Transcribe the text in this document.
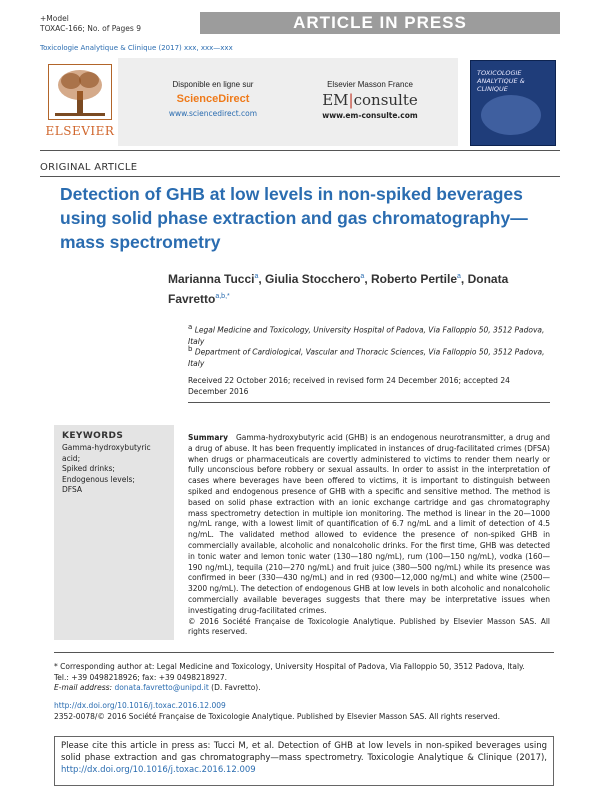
+Model
TOXAC-166; No. of Pages 9	ARTICLE IN PRESS
Toxicologie Analytique & Clinique (2017) xxx, xxx—xxx
ELSEVIER
Disponible en ligne sur
ScienceDirect
www.sciencedirect.com
Elsevier Masson France
EM|consulte
www.em-consulte.com
TOXICOLOGIE ANALYTIQUE & CLINIQUE
ORIGINAL ARTICLE
Detection of GHB at low levels in non-spiked beverages using solid phase extraction and gas chromatography—mass spectrometry
Marianna Tucci$^a$, Giulia Stocchero$^a$, Roberto Pertile$^a$, Donata Favretto$^{a,b,*}$
$^a$ Legal Medicine and Toxicology, University Hospital of Padova, Via Falloppio 50, 3512 Padova, Italy
$^b$ Department of Cardiological, Vascular and Thoracic Sciences, Via Falloppio 50, 3512 Padova, Italy
Received 22 October 2016; received in revised form 24 December 2016; accepted 24 December 2016
KEYWORDS
Gamma-hydroxybutyric acid;
Spiked drinks;
Endogenous levels;
DFSA

Summary Gamma-hydroxybutyric acid (GHB) is an endogenous neurotransmitter, a drug and a drug of abuse. It has been frequently implicated in instances of drug-facilitated crimes (DFSA) when drugs or pharmaceuticals are covertly administered to victims to render them nearly or fully unconscious before robbery or sexual assaults. In order to assist in the interpretation of cases where beverages have been offered to victims, it is important to distinguish between spiked and endogenous presence of GHB with a specific and sensitive method. The method is based on solid phase extraction with an ionic exchange cartridge and gas chromatography mass spectrometry detection in multiple ion monitoring. The method is linear in the 20—1000 ng/mL range, with a lowest limit of quantification of 6.7 ng/mL and a limit of detection of 4.5 ng/mL. The validated method allowed to evidence the presence of non-spiked GHB in commercially available, alcoholic and nonalcoholic drinks. For the first time, GHB was detected in tonic water and lemon tonic water (130—180 ng/mL), rum (100—150 ng/mL), vodka (160—190 ng/mL), tequila (210—270 ng/mL) and fruit juice (380—500 ng/mL) while its presence was confirmed in beer (330—430 ng/mL) and in red (9300—12,000 ng/mL) and white wine (2500—3200 ng/mL). The detection of endogenous GHB at low levels in both alcoholic and nonalcoholic commercially available beverages suggests that there may be interpretative issues when investigating drug-facilitated crimes.

© 2016 Société Française de Toxicologie Analytique. Published by Elsevier Masson SAS. All rights reserved.

* Corresponding author at: Legal Medicine and Toxicology, University Hospital of Padova, Via Falloppio 50, 3512 Padova, Italy.
Tel.: +39 0498218926; fax: +39 0498218927.
E-mail address: donata.favretto@unipd.it (D. Favretto).
http://dx.doi.org/10.1016/j.toxac.2016.12.009
2352-0078/© 2016 Société Française de Toxicologie Analytique. Published by Elsevier Masson SAS. All rights reserved.
Please cite this article in press as: Tucci M, et al. Detection of GHB at low levels in non-spiked beverages using solid phase extraction and gas chromatography—mass spectrometry. Toxicologie Analytique & Clinique (2017), http://dx.doi.org/10.1016/j.toxac.2016.12.009
